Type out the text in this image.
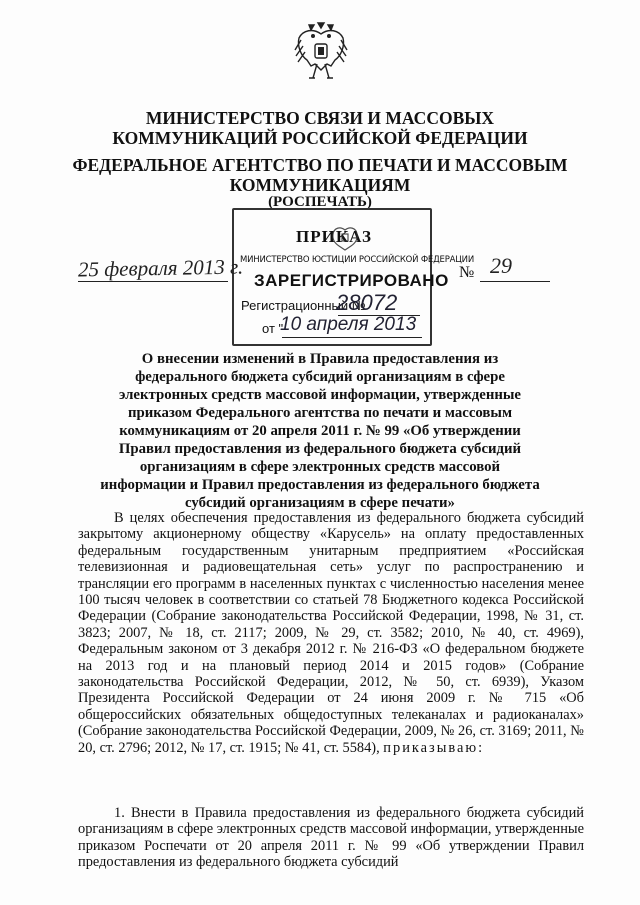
МИНИСТЕРСТВО СВЯЗИ И МАССОВЫХ КОММУНИКАЦИЙ РОССИЙСКОЙ ФЕДЕРАЦИИ
ФЕДЕРАЛЬНОЕ АГЕНТСТВО ПО ПЕЧАТИ И МАССОВЫМ
КОММУНИКАЦИЯМ
(РОСПЕЧАТЬ)
ПРИКАЗ
МИНИСТЕРСТВО ЮСТИЦИИ РОССИЙСКОЙ ФЕДЕРАЦИИ
ЗАРЕГИСТРИРОВАНО
Регистрационный №
28072
от "
10 апреля 2013
25 февраля 2013 г.	№ 29
О внесении изменений в Правила предоставления из федерального бюджета субсидий организациям в сфере электронных средств массовой информации, утвержденные приказом Федерального агентства по печати и массовым коммуникациям от 20 апреля 2011 г. № 99 «Об утверждении Правил предоставления из федерального бюджета субсидий организациям в сфере электронных средств массовой информации и Правил предоставления из федерального бюджета субсидий организациям в сфере печати»
В целях обеспечения предоставления из федерального бюджета субсидий закрытому акционерному обществу «Карусель» на оплату предоставленных федеральным государственным унитарным предприятием «Российская телевизионная и радиовещательная сеть» услуг по распространению и трансляции его программ в населенных пунктах с численностью населения менее 100 тысяч человек в соответствии со статьей 78 Бюджетного кодекса Российской Федерации (Собрание законодательства Российской Федерации, 1998, № 31, ст. 3823; 2007, № 18, ст. 2117; 2009, № 29, ст. 3582; 2010, № 40, ст. 4969), Федеральным законом от 3 декабря 2012 г. № 216-ФЗ «О федеральном бюджете на 2013 год и на плановый период 2014 и 2015 годов» (Собрание законодательства Российской Федерации, 2012, № 50, ст. 6939), Указом Президента Российской Федерации от 24 июня 2009 г. № 715 «Об общероссийских обязательных общедоступных телеканалах и радиоканалах» (Собрание законодательства Российской Федерации, 2009, № 26, ст. 3169; 2011, № 20, ст. 2796; 2012, № 17, ст. 1915; № 41, ст. 5584), приказываю:
1. Внести в Правила предоставления из федерального бюджета субсидий организациям в сфере электронных средств массовой информации, утвержденные приказом Роспечати от 20 апреля 2011 г. № 99 «Об утверждении Правил предоставления из федерального бюджета субсидий
